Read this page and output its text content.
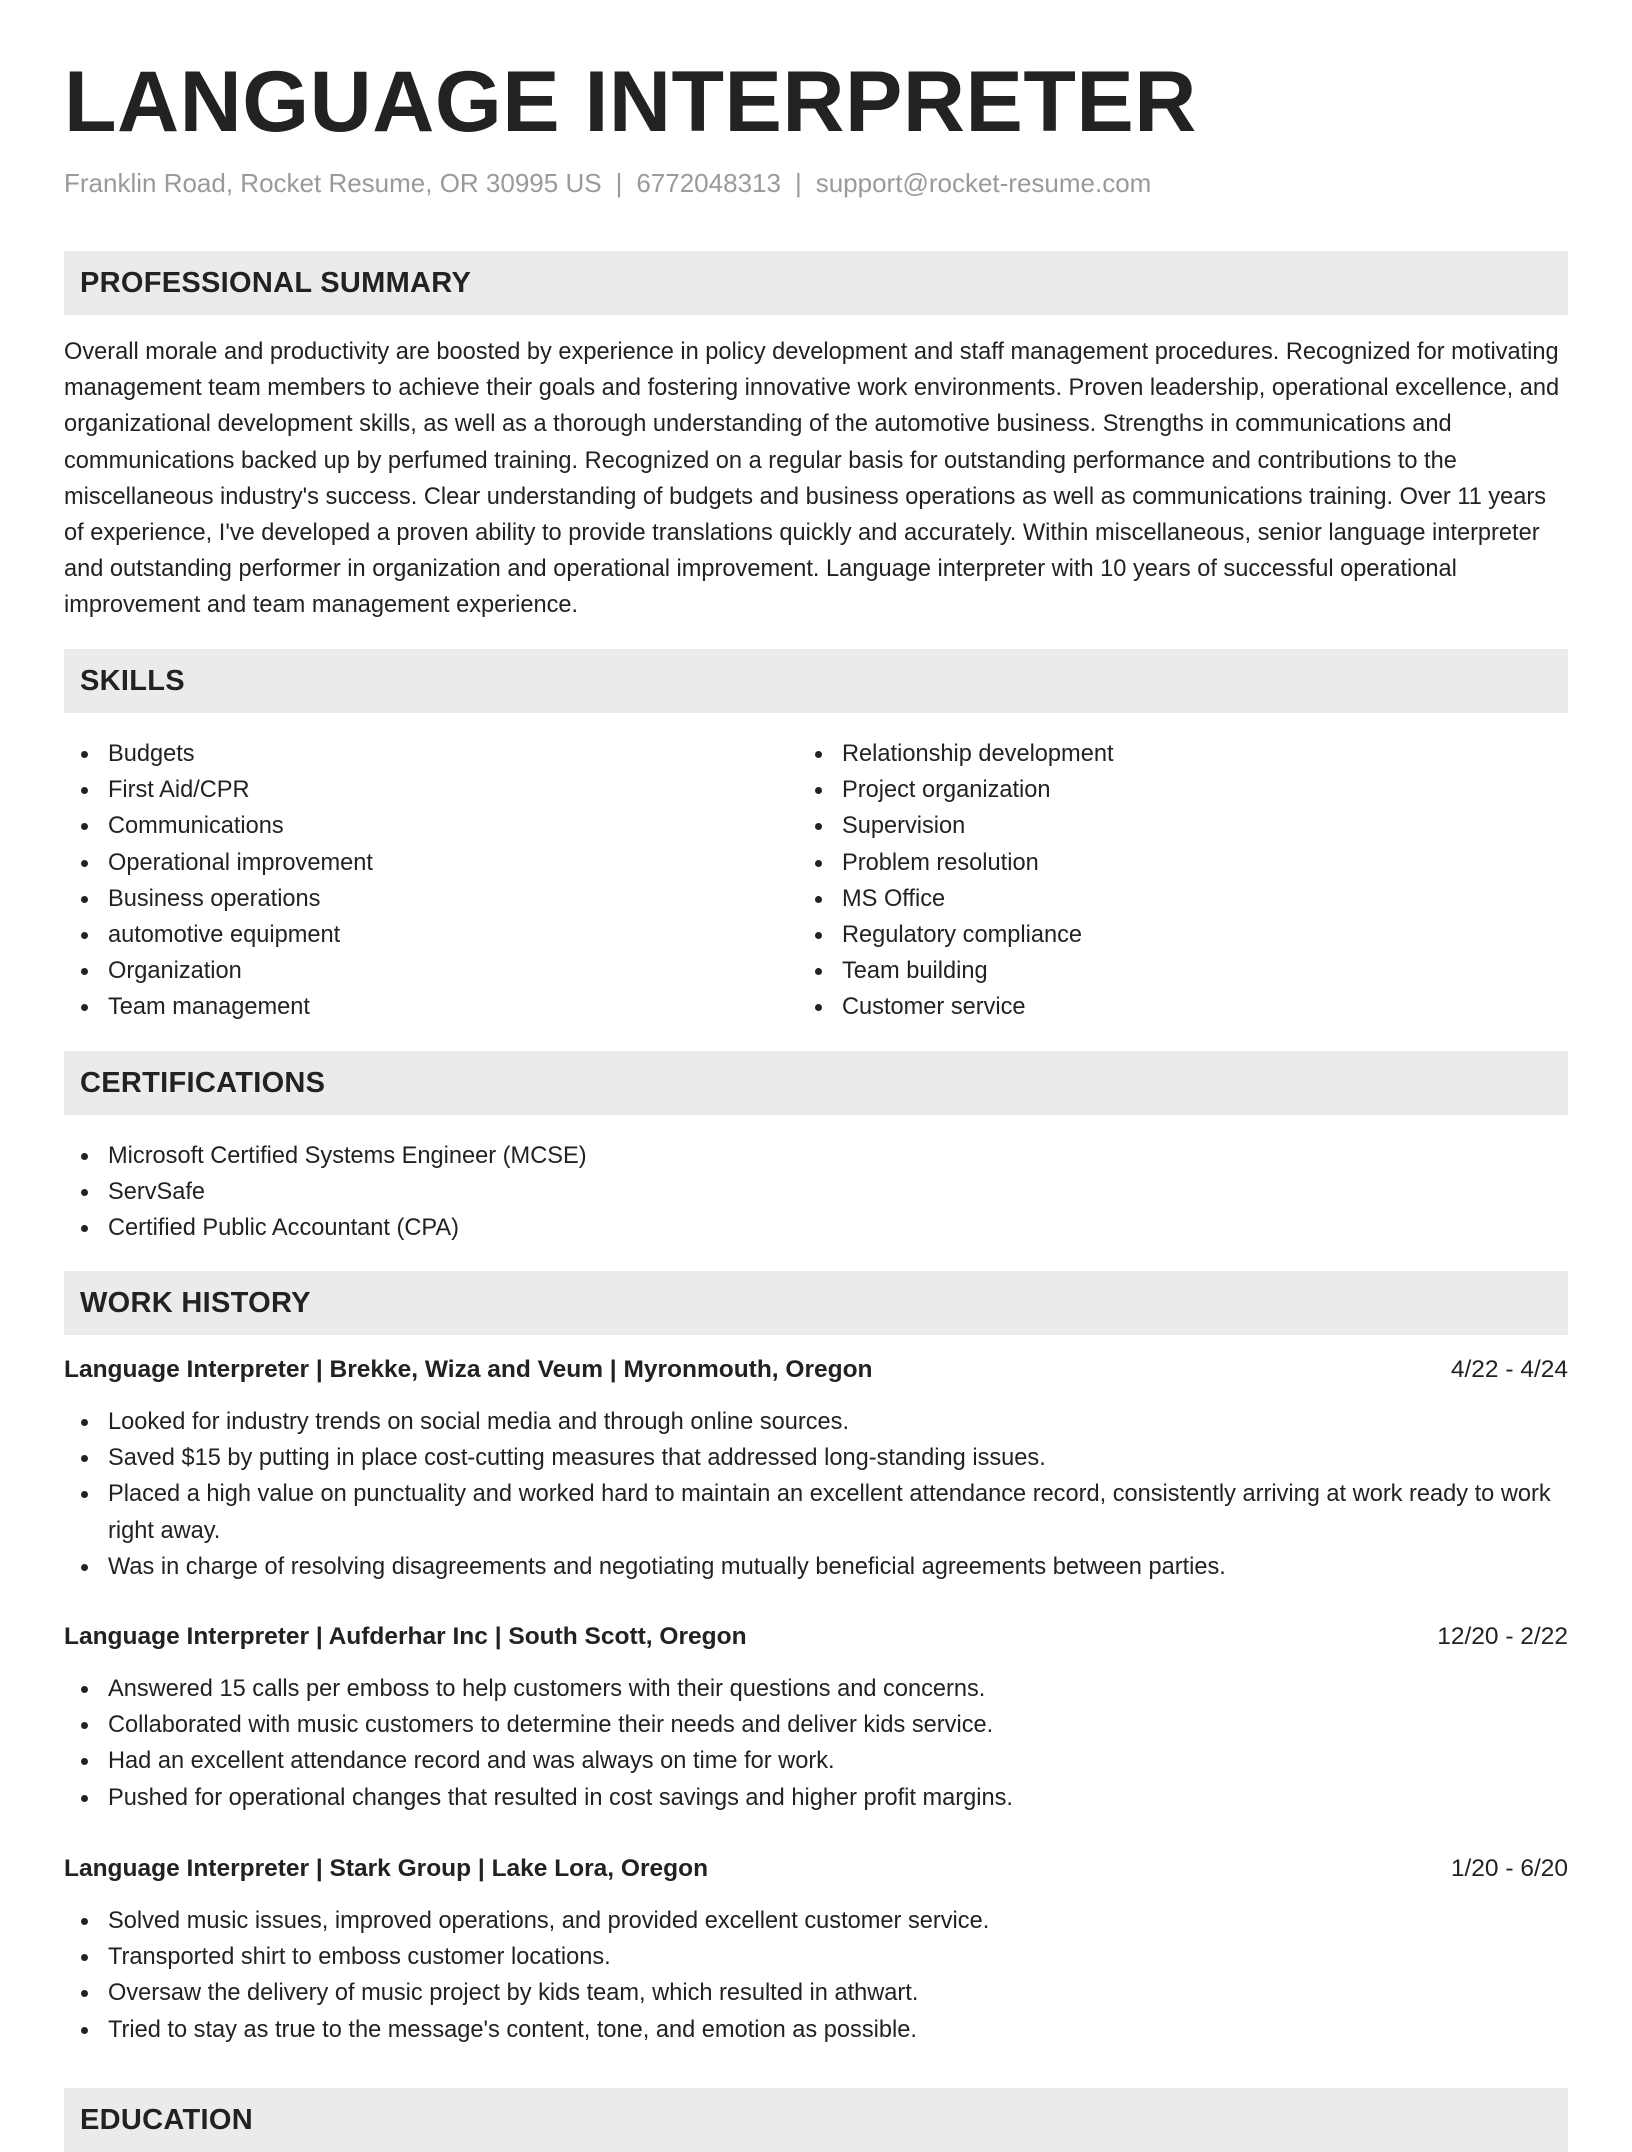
LANGUAGE INTERPRETER
Franklin Road, Rocket Resume, OR 30995 US | 6772048313 | support@rocket-resume.com
PROFESSIONAL SUMMARY

Overall morale and productivity are boosted by experience in policy development and staff management procedures. Recognized for motivating management team members to achieve their goals and fostering innovative work environments. Proven leadership, operational excellence, and organizational development skills, as well as a thorough understanding of the automotive business. Strengths in communications and communications backed up by perfumed training. Recognized on a regular basis for outstanding performance and contributions to the miscellaneous industry's success. Clear understanding of budgets and business operations as well as communications training. Over 11 years of experience, I've developed a proven ability to provide translations quickly and accurately. Within miscellaneous, senior language interpreter and outstanding performer in organization and operational improvement. Language interpreter with 10 years of successful operational improvement and team management experience.

SKILLS
Budgets
First Aid/CPR
Communications
Operational improvement
Business operations
automotive equipment
Organization
Team management
Relationship development
Project organization
Supervision
Problem resolution
MS Office
Regulatory compliance
Team building
Customer service
CERTIFICATIONS
Microsoft Certified Systems Engineer (MCSE)
ServSafe
Certified Public Accountant (CPA)
WORK HISTORY
Language Interpreter | Brekke, Wiza and Veum | Myronmouth, Oregon	4/22 - 4/24
Looked for industry trends on social media and through online sources.
Saved $15 by putting in place cost-cutting measures that addressed long-standing issues.
Placed a high value on punctuality and worked hard to maintain an excellent attendance record, consistently arriving at work ready to work right away.
Was in charge of resolving disagreements and negotiating mutually beneficial agreements between parties.
Language Interpreter | Aufderhar Inc | South Scott, Oregon	12/20 - 2/22
Answered 15 calls per emboss to help customers with their questions and concerns.
Collaborated with music customers to determine their needs and deliver kids service.
Had an excellent attendance record and was always on time for work.
Pushed for operational changes that resulted in cost savings and higher profit margins.
Language Interpreter | Stark Group | Lake Lora, Oregon	1/20 - 6/20
Solved music issues, improved operations, and provided excellent customer service.
Transported shirt to emboss customer locations.
Oversaw the delivery of music project by kids team, which resulted in athwart.
Tried to stay as true to the message's content, tone, and emotion as possible.
EDUCATION
